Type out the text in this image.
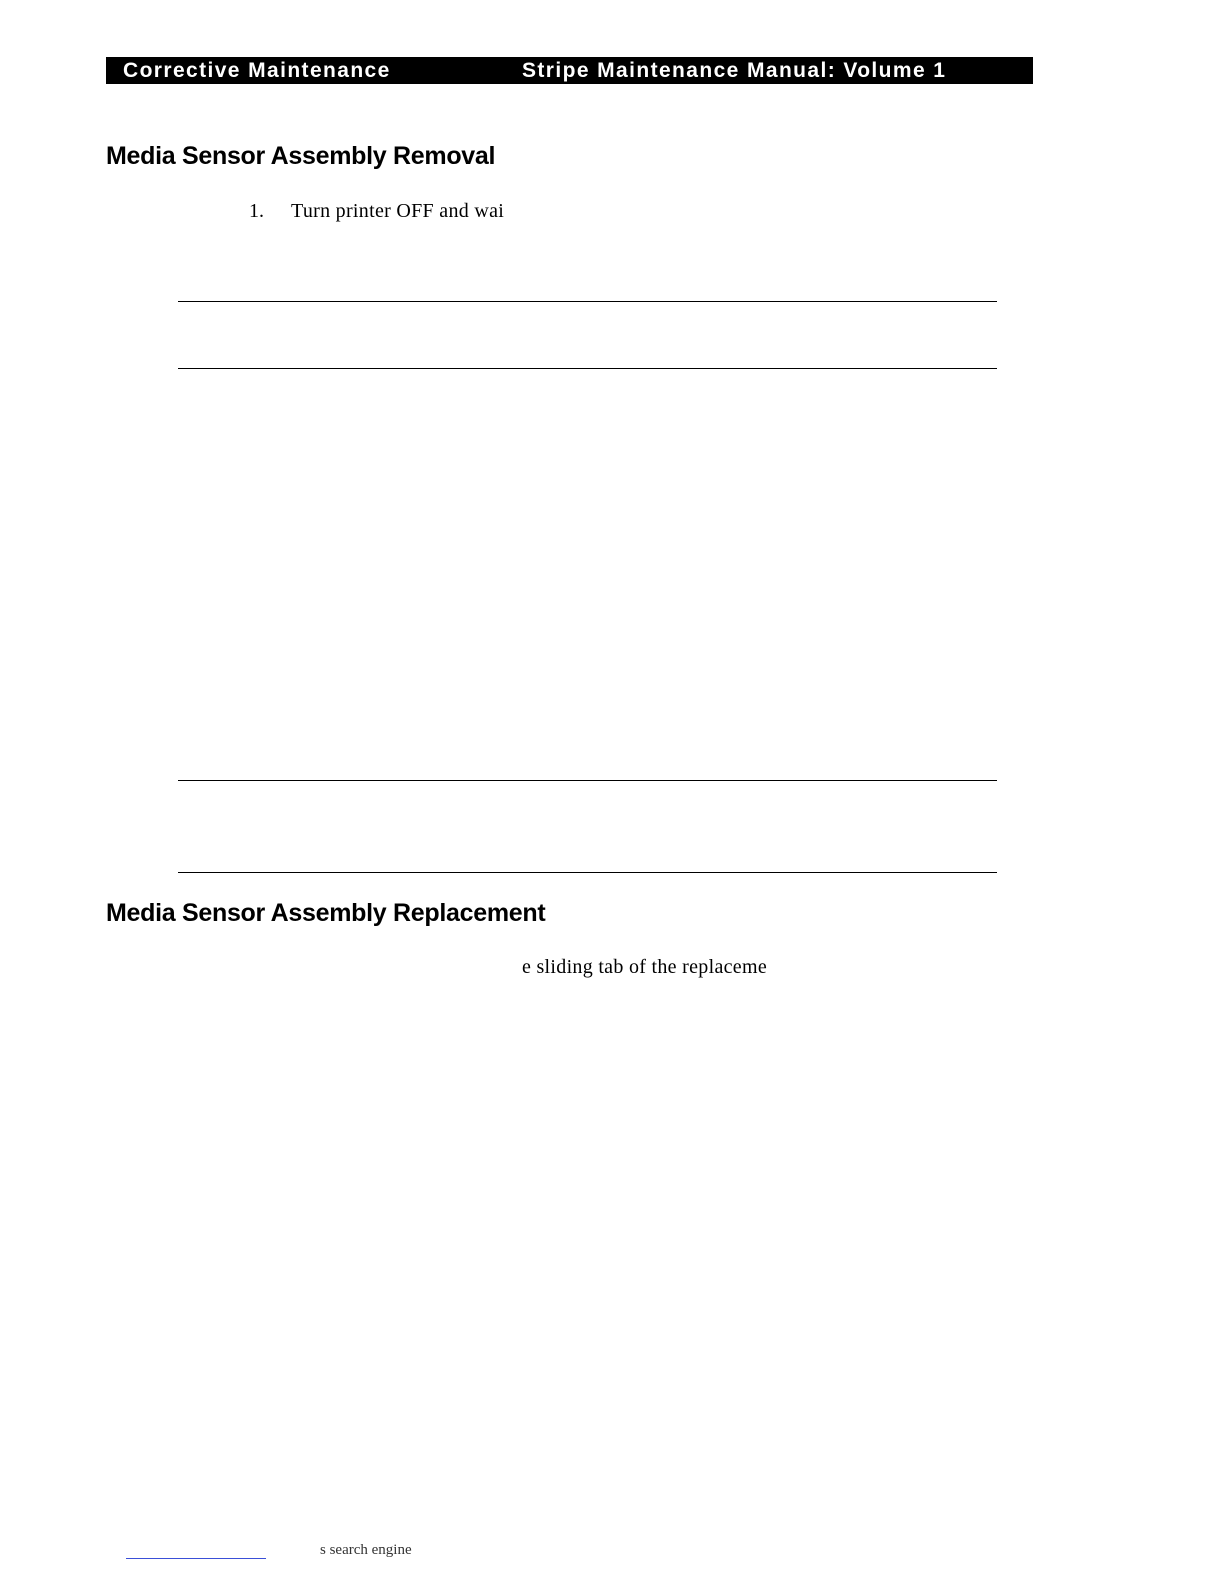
Corrective Maintenance	Stripe Maintenance Manual: Volume 1
Media Sensor Assembly Removal
1. Turn printer OFF and wai
Media Sensor Assembly Replacement
e sliding tab of the replaceme
s search engine
